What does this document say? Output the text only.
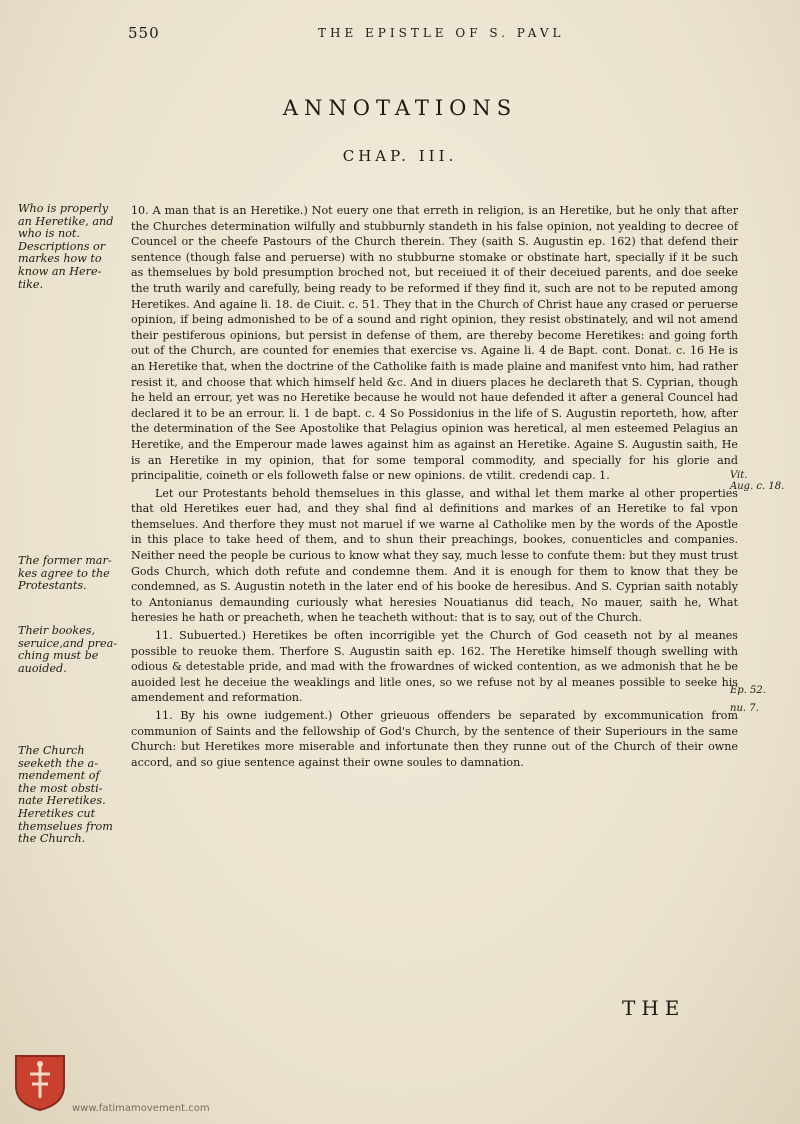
550	THE EPISTLE OF S. PAVL
ANNOTATIONS
CHAP. III.
Who is properly
an Heretike, and
who is not.
Descriptions or
markes how to
know an Here-
tike.
The former mar-
kes agree to the
Protestants.
Their bookes,
seruice,and prea-
ching must be
auoided.
The Church
seeketh the a-
mendement of
the most obsti-
nate Heretikes.
Heretikes cut
themselues from
the Church.

10. A man that is an Heretike.) Not euery one that erreth in religion, is an Heretike, but he only that after the Churches determination wilfully and stubburnly standeth in his false opinion, not yealding to decree of Councel or the cheefe Pastours of the Church therein. They (saith S. Augustin ep. 162) that defend their sentence (though false and peruerse) with no stubburne stomake or obstinate hart, specially if it be such as themselues by bold presumption broched not, but receiued it of their deceiued parents, and doe seeke the truth warily and carefully, being ready to be reformed if they find it, such are not to be reputed among Heretikes. And againe li. 18. de Ciuit. c. 51. They that in the Church of Christ haue any crased or peruerse opinion, if being admonished to be of a sound and right opinion, they resist obstinately, and wil not amend their pestiferous opinions, but persist in defense of them, are thereby become Heretikes: and going forth out of the Church, are counted for enemies that exercise vs. Againe li. 4 de Bapt. cont. Donat. c. 16 He is an Heretike that, when the doctrine of the Catholike faith is made plaine and manifest vnto him, had rather resist it, and choose that which himself held &c. And in diuers places he declareth that S. Cyprian, though he held an errour, yet was no Heretike because he would not haue defended it after a general Councel had declared it to be an errour. li. 1 de bapt. c. 4 So Possidonius in the life of S. Augustin reporteth, how, after the determination of the See Apostolike that Pelagius opinion was heretical, al men esteemed Pelagius an Heretike, and the Emperour made lawes against him as against an Heretike. Againe S. Augustin saith, He is an Heretike in my opinion, that for some temporal commodity, and specially for his glorie and principalitie, coineth or els followeth false or new opinions. de vtilit. credendi cap. 1.

Let our Protestants behold themselues in this glasse, and withal let them marke al other properties that old Heretikes euer had, and they shal find al definitions and markes of an Heretike to fal vpon themselues. And therfore they must not maruel if we warne al Catholike men by the words of the Apostle in this place to take heed of them, and to shun their preachings, bookes, conuenticles and companies. Neither need the people be curious to know what they say, much lesse to confute them: but they must trust Gods Church, which doth refute and condemne them. And it is enough for them to know that they be condemned, as S. Augustin noteth in the later end of his booke de heresibus. And S. Cyprian saith notably to Antonianus demaunding curiously what heresies Nouatianus did teach, No mauer, saith he, What heresies he hath or preacheth, when he teacheth without: that is to say, out of the Church.

11. Subuerted.) Heretikes be often incorrigible yet the Church of God ceaseth not by al meanes possible to reuoke them. Therfore S. Augustin saith ep. 162. The Heretike himself though swelling with odious & detestable pride, and mad with the frowardnes of wicked contention, as we admonish that he be auoided lest he deceiue the weaklings and litle ones, so we refuse not by al meanes possible to seeke his amendement and reformation.

11. By his owne iudgement.) Other grieuous offenders be separated by excommunication from communion of Saints and the fellowship of God's Church, by the sentence of their Superiours in the same Church: but Heretikes more miserable and infortunate then they runne out of the Church of their owne accord, and so giue sentence against their owne soules to damnation.

Vit.
Aug. c. 18.
Ep. 52.
nu. 7.
THE
www.fatimamovement.com
